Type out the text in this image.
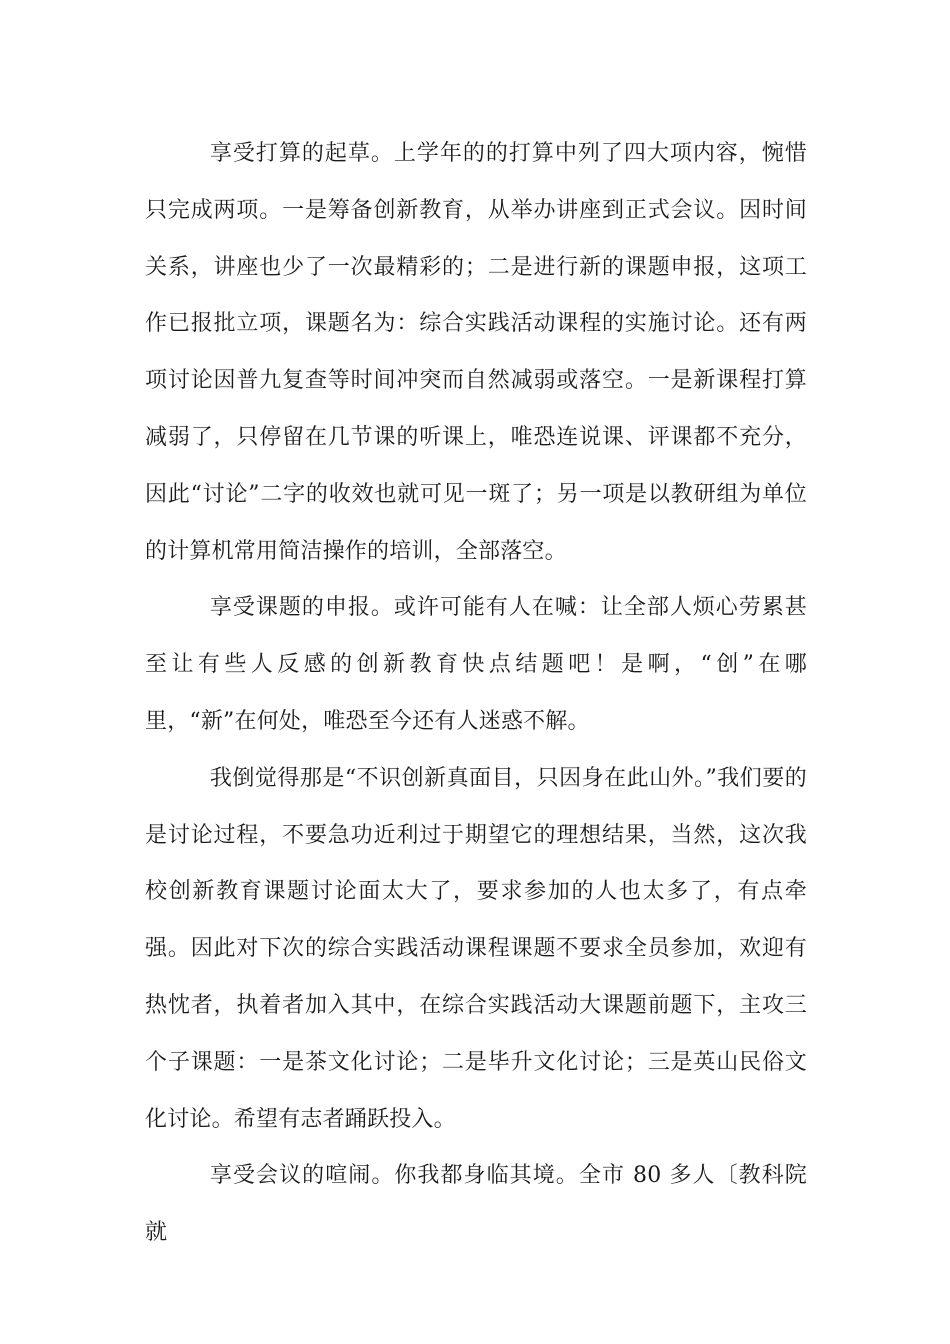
享受打算的起草。上学年的的打算中列了四大项内容，惋惜只完成两项。一是筹备创新教育，从举办讲座到正式会议。因时间关系，讲座也少了一次最精彩的；二是进行新的课题申报，这项工作已报批立项，课题名为：综合实践活动课程的实施讨论。还有两项讨论因普九复查等时间冲突而自然减弱或落空。一是新课程打算减弱了，只停留在几节课的听课上，唯恐连说课、评课都不充分，因此“讨论”二字的收效也就可见一斑了；另一项是以教研组为单位的计算机常用简洁操作的培训，全部落空。

享受课题的申报。或许可能有人在喊：让全部人烦心劳累甚至让有些人反感的创新教育快点结题吧！是啊，“创”在哪里，“新”在何处，唯恐至今还有人迷惑不解。

我倒觉得那是“不识创新真面目，只因身在此山外。”我们要的是讨论过程，不要急功近利过于期望它的理想结果，当然，这次我校创新教育课题讨论面太大了，要求参加的人也太多了，有点牵强。因此对下次的综合实践活动课程课题不要求全员参加，欢迎有热忱者，执着者加入其中，在综合实践活动大课题前题下，主攻三个子课题：一是茶文化讨论；二是毕升文化讨论；三是英山民俗文化讨论。希望有志者踊跃投入。

享受会议的喧闹。你我都身临其境。全市 80 多人〔教科院就
